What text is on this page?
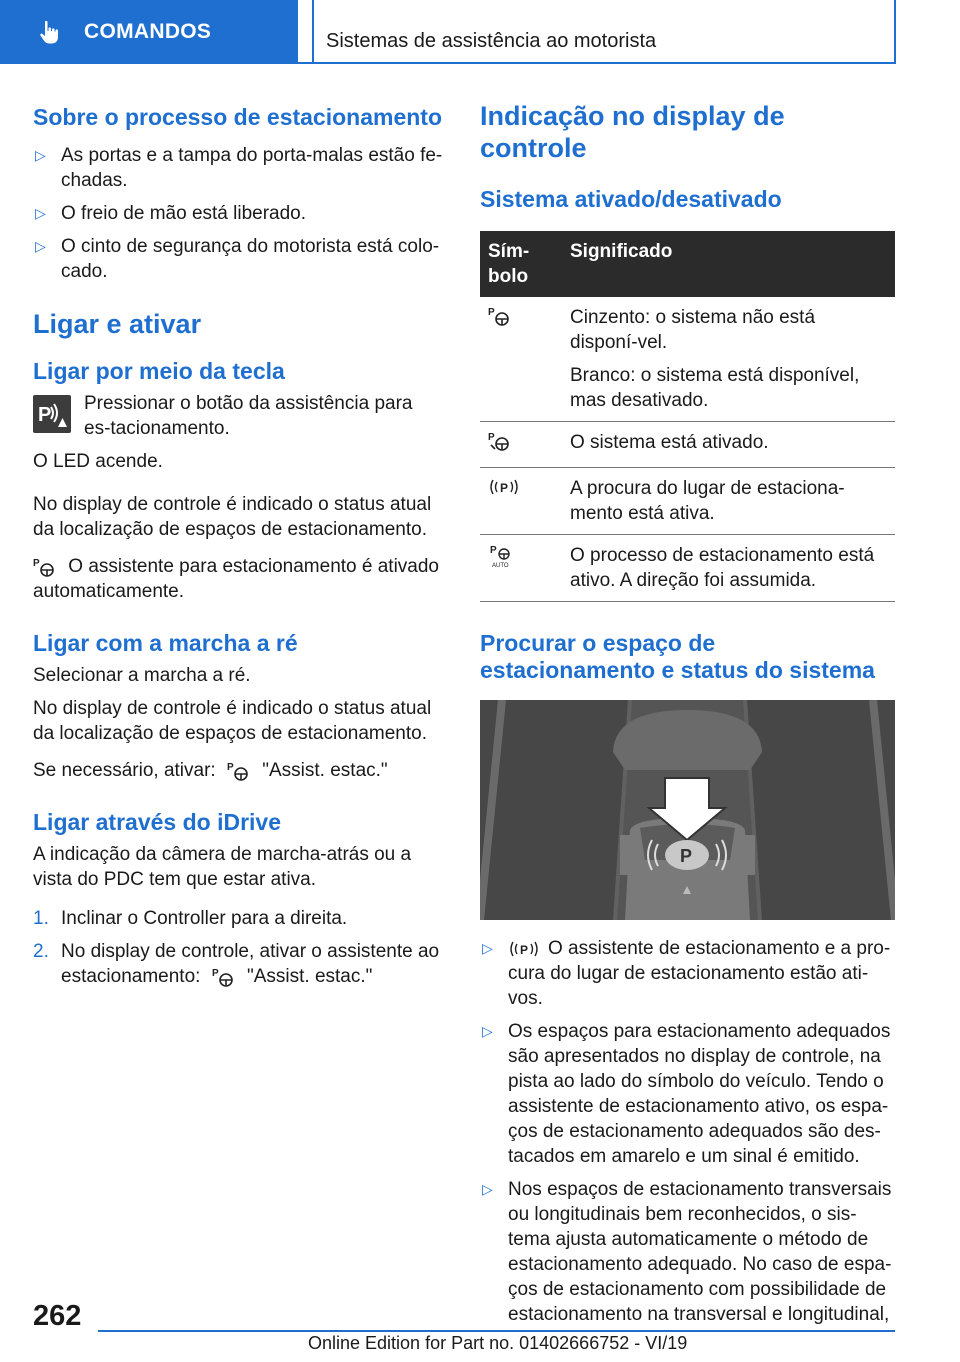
COMANDOS	Sistemas de assistência ao motorista
Sobre o processo de estacionamento
▷ As portas e a tampa do porta-malas estão fe-chadas.
▷ O freio de mão está liberado.
▷ O cinto de segurança do motorista está colo-cado.
Ligar e ativar
Ligar por meio da tecla
P

Pressionar o botão da assistência para es-tacionamento.

O LED acende.

No display de controle é indicado o status atual da localização de espaços de estacionamento.

P O assistente para estacionamento é ativado automaticamente.

Ligar com a marcha a ré

Selecionar a marcha a ré.

No display de controle é indicado o status atual da localização de espaços de estacionamento.

Se necessário, ativar: P "Assist. estac."

Ligar através do iDrive

A indicação da câmera de marcha-atrás ou a vista do PDC tem que estar ativa.

1. Inclinar o Controller para a direita.
2. No display de controle, ativar o assistente ao estacionamento: P "Assist. estac."
Indicação no display de controle
Sistema ativado/desativado
Sím-bolo	Significado

P	Cinzento: o sistema não está disponí-vel.

Branco: o sistema está disponível, mas desativado.

P	O sistema está ativado.

P	A procura do lugar de estaciona-mento está ativa.

P
AUTO	O processo de estacionamento está ativo. A direção foi assumida.

Procurar o espaço de estacionamento e status do sistema
P
▷ P O assistente de estacionamento e a pro-cura do lugar de estacionamento estão ati-vos.
▷ Os espaços para estacionamento adequados são apresentados no display de controle, na pista ao lado do símbolo do veículo. Tendo o assistente de estacionamento ativo, os espa-ços de estacionamento adequados são des-tacados em amarelo e um sinal é emitido.
▷ Nos espaços de estacionamento transversais ou longitudinais bem reconhecidos, o sis-tema ajusta automaticamente o método de estacionamento adequado. No caso de espa-ços de estacionamento com possibilidade de estacionamento na transversal e longitudinal,
262
Online Edition for Part no. 01402666752 - VI/19
